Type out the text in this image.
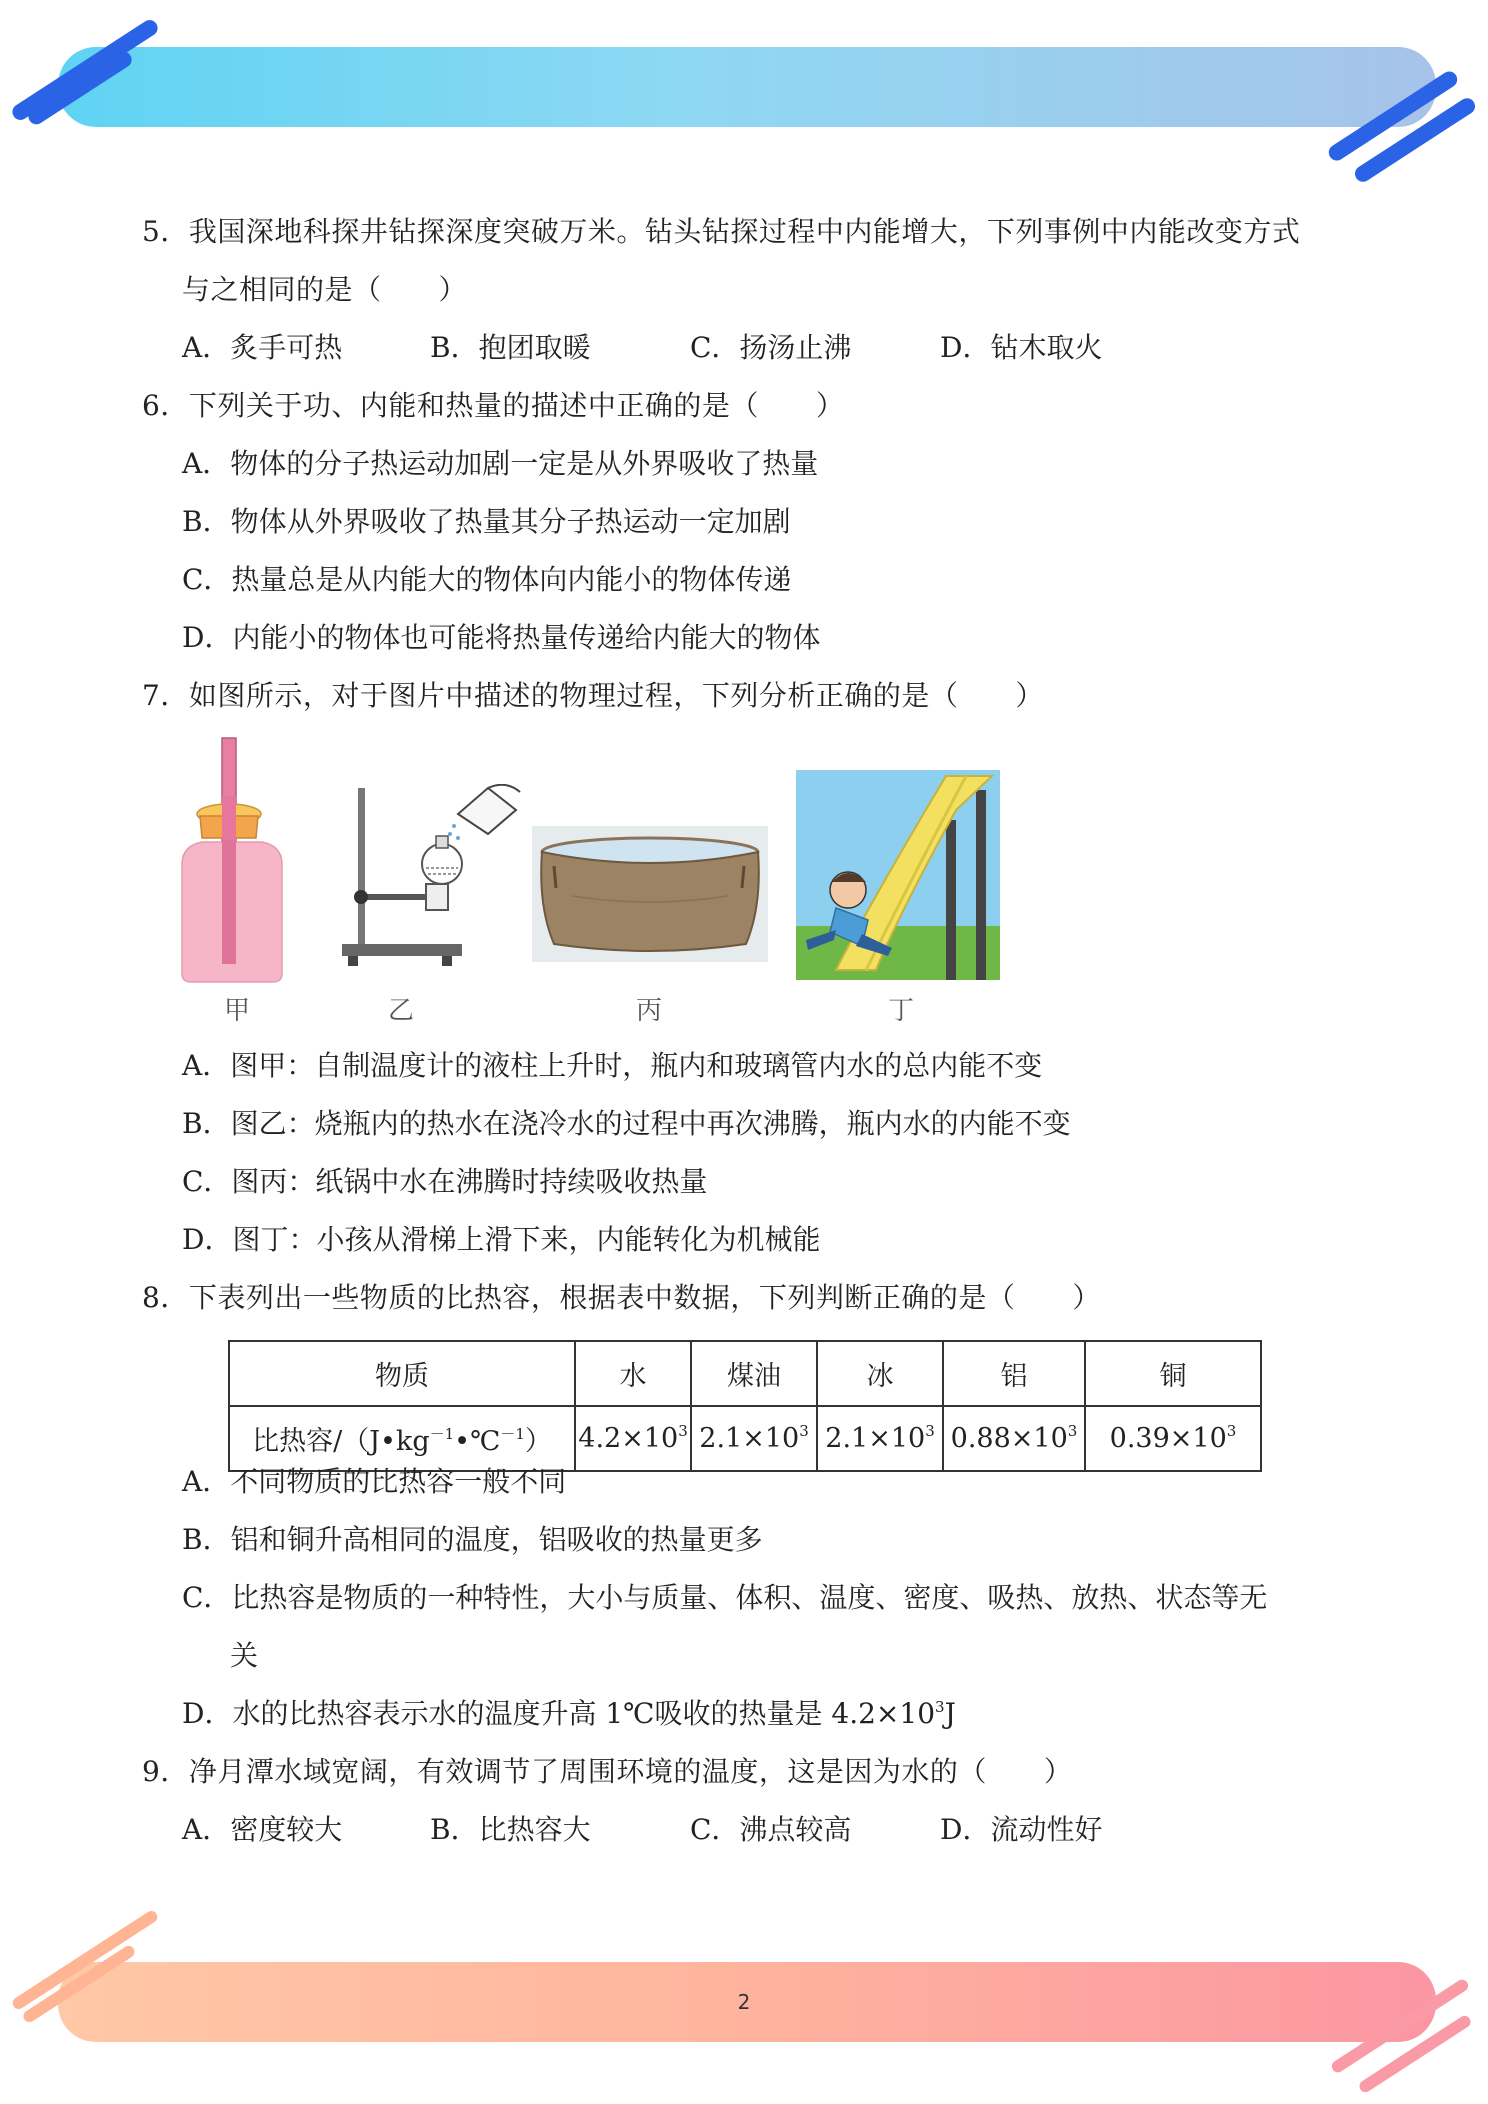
5．我国深地科探井钻探深度突破万米。钻头钻探过程中内能增大，下列事例中内能改变方式
与之相同的是（　　）
A．炙手可热	B．抱团取暖	C．扬汤止沸	D．钻木取火
6．下列关于功、内能和热量的描述中正确的是（　　）
A．物体的分子热运动加剧一定是从外界吸收了热量
B．物体从外界吸收了热量其分子热运动一定加剧
C．热量总是从内能大的物体向内能小的物体传递
D．内能小的物体也可能将热量传递给内能大的物体
7．如图所示，对于图片中描述的物理过程，下列分析正确的是（　　）
甲	乙	丙	丁
A．图甲：自制温度计的液柱上升时，瓶内和玻璃管内水的总内能不变
B．图乙：烧瓶内的热水在浇冷水的过程中再次沸腾，瓶内水的内能不变
C．图丙：纸锅中水在沸腾时持续吸收热量
D．图丁：小孩从滑梯上滑下来，内能转化为机械能
8．下表列出一些物质的比热容，根据表中数据，下列判断正确的是（　　）
物质	水	煤油	冰	铝	铜
比热容$/(J•kg^{-1}•℃^{-1})$	$4.2\times 10^3$	$2.1\times 10^3$	$2.1\times 10^3$	$0.88\times 10^3$	$0.39\times 10^3$
A．不同物质的比热容一般不同
B．铝和铜升高相同的温度，铝吸收的热量更多
C．比热容是物质的一种特性，大小与质量、体积、温度、密度、吸热、放热、状态等无
关
D．水的比热容表示水的温度升高 1℃吸收的热量是 $4.2\times 10^3J$
9．净月潭水域宽阔，有效调节了周围环境的温度，这是因为水的（　　）
A．密度较大	B．比热容大	C．沸点较高	D．流动性好
2
